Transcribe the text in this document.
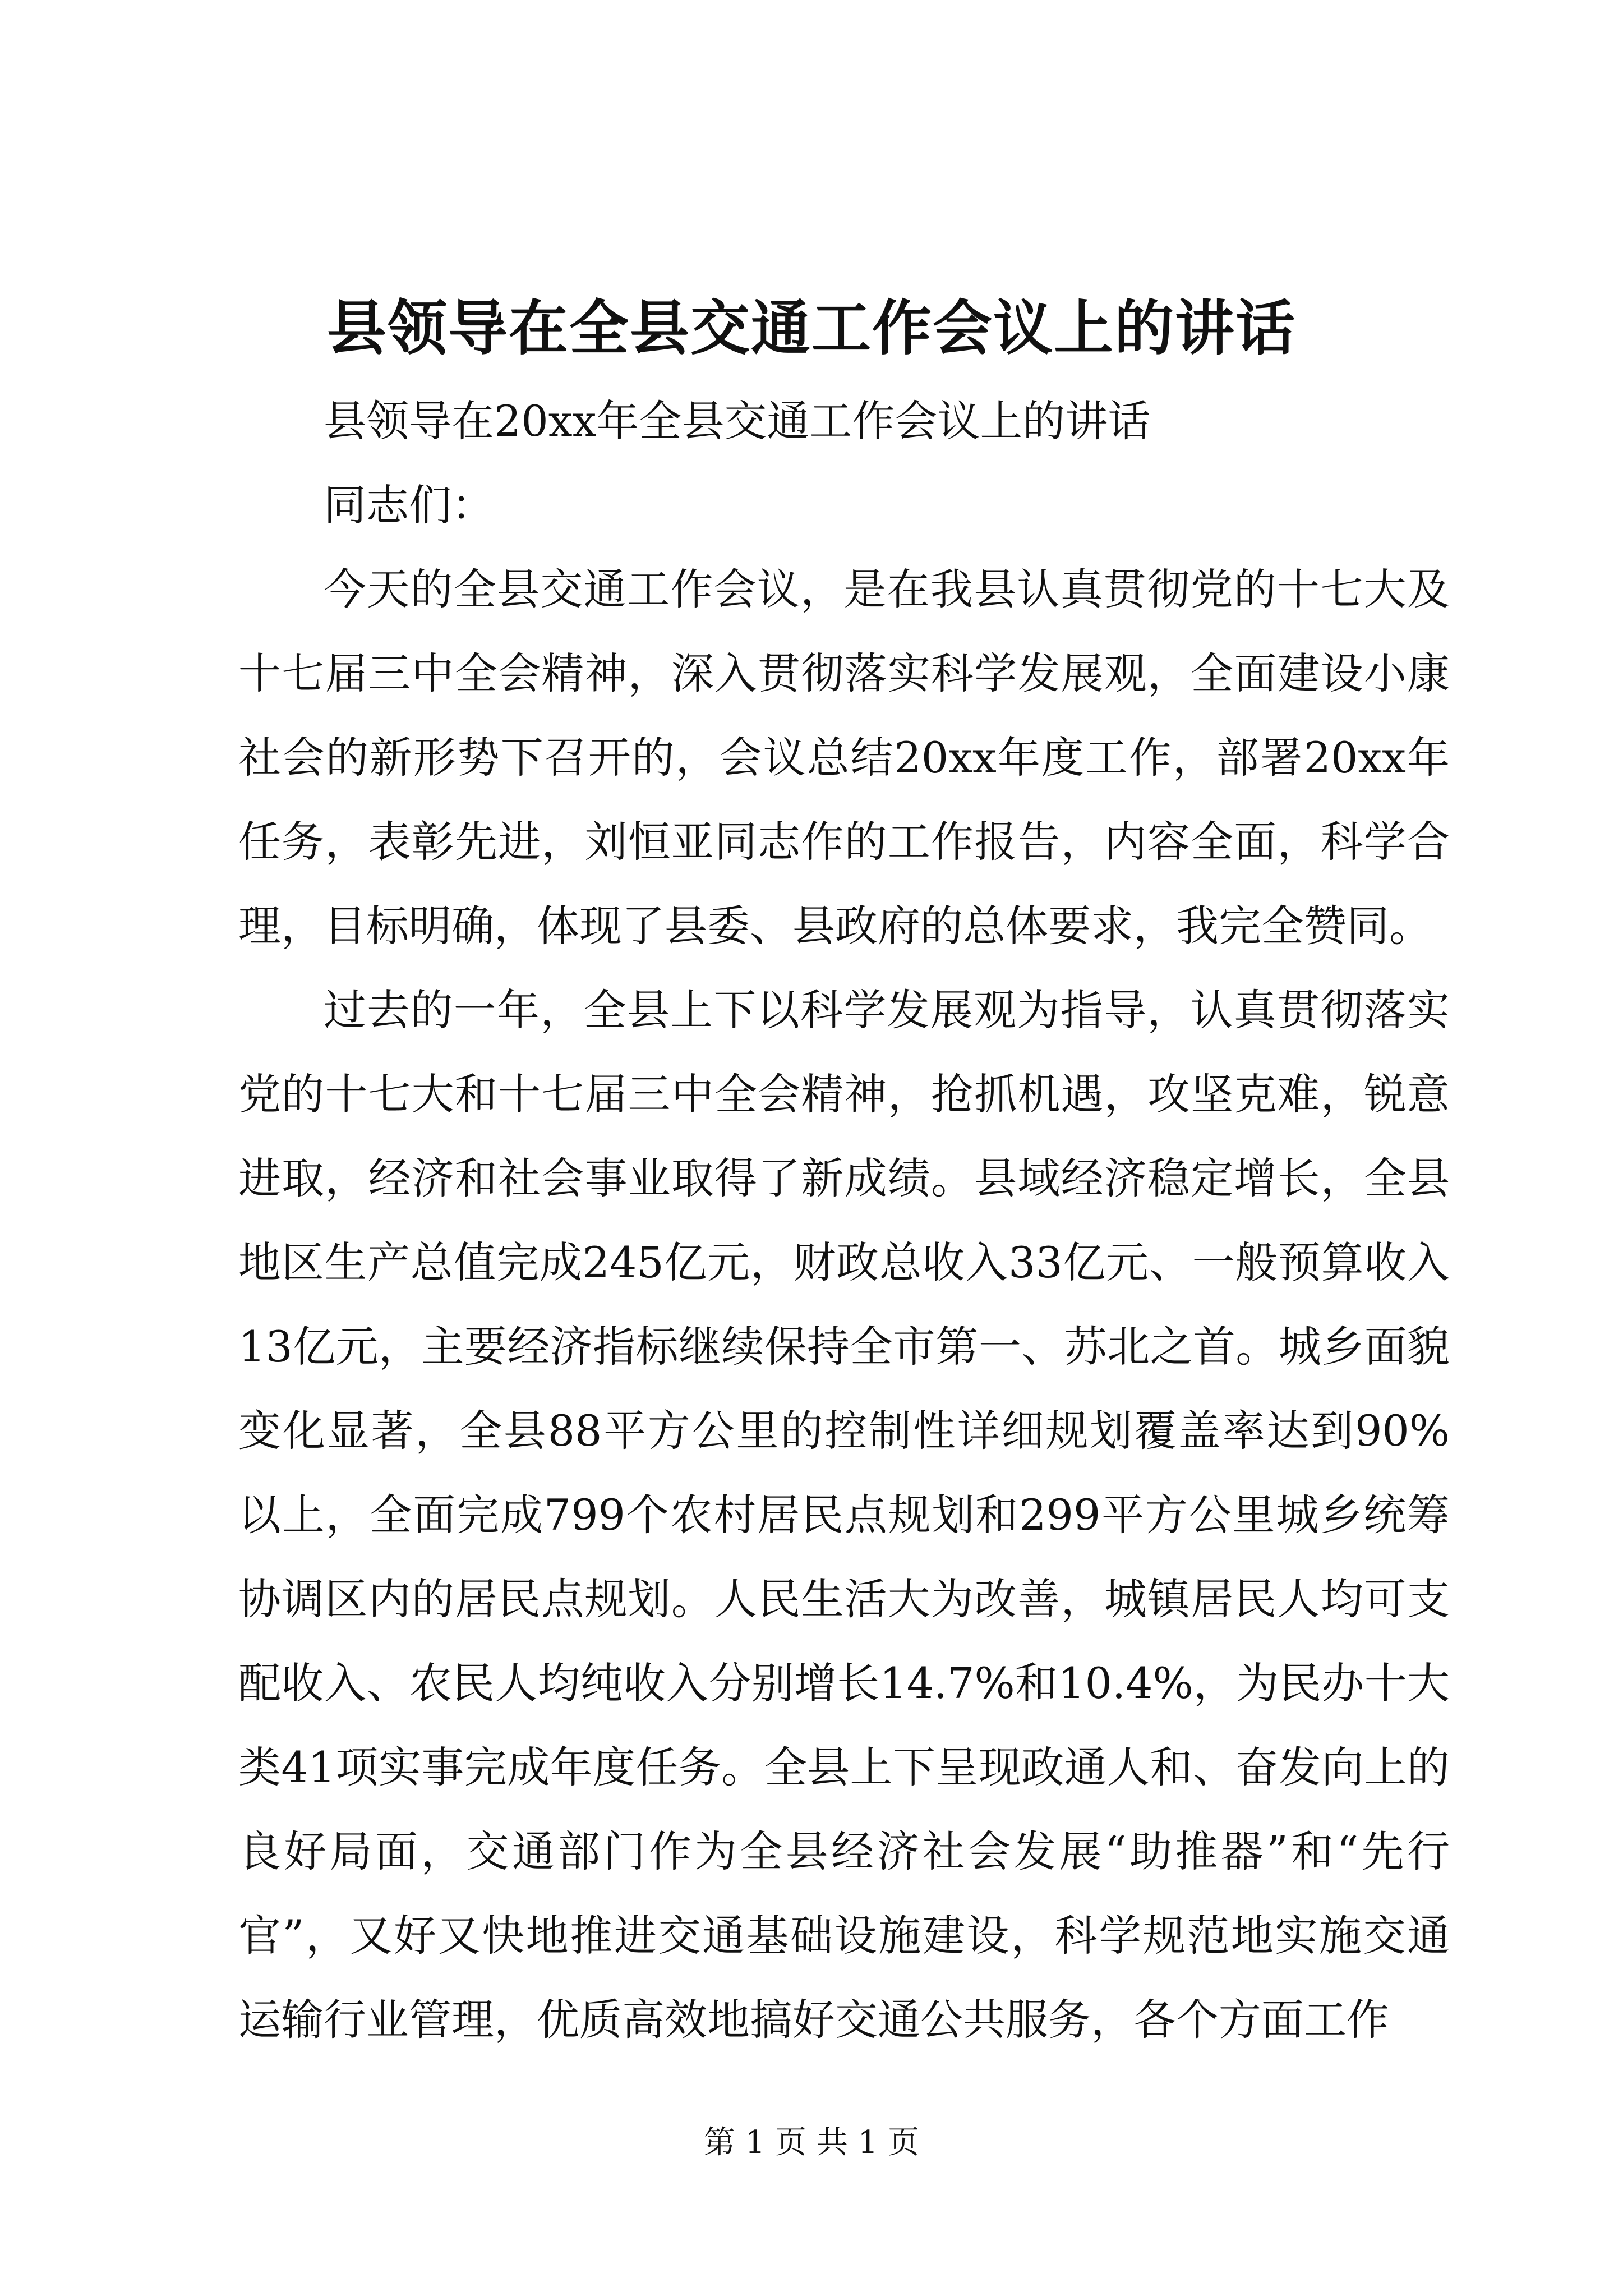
县领导在全县交通工作会议上的讲话

县领导在20xx年全县交通工作会议上的讲话

同志们：

今天的全县交通工作会议，是在我县认真贯彻党的十七大及十七届三中全会精神，深入贯彻落实科学发展观，全面建设小康社会的新形势下召开的，会议总结20xx年度工作，部署20xx年任务，表彰先进，刘恒亚同志作的工作报告，内容全面，科学合理，目标明确，体现了县委、县政府的总体要求，我完全赞同。

过去的一年，全县上下以科学发展观为指导，认真贯彻落实党的十七大和十七届三中全会精神，抢抓机遇，攻坚克难，锐意进取，经济和社会事业取得了新成绩。县域经济稳定增长，全县地区生产总值完成245亿元，财政总收入33亿元、一般预算收入13亿元，主要经济指标继续保持全市第一、苏北之首。城乡面貌变化显著，全县88平方公里的控制性详细规划覆盖率达到90%以上，全面完成799个农村居民点规划和299平方公里城乡统筹协调区内的居民点规划。人民生活大为改善，城镇居民人均可支配收入、农民人均纯收入分别增长14.7%和10.4%，为民办十大类41项实事完成年度任务。全县上下呈现政通人和、奋发向上的良好局面，交通部门作为全县经济社会发展“助推器”和“先行官”，又好又快地推进交通基础设施建设，科学规范地实施交通运输行业管理，优质高效地搞好交通公共服务，各个方面工作

第 1 页 共 1 页
